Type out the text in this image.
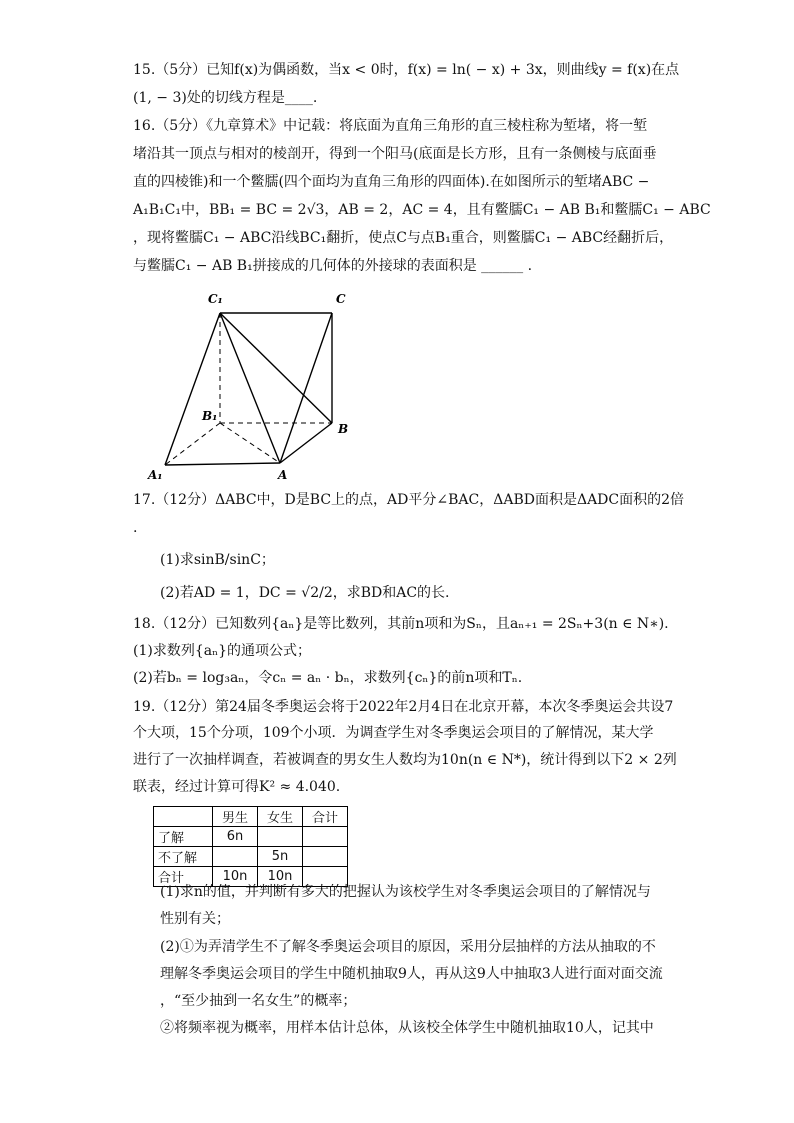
15.（5分）已知f(x)为偶函数，当x < 0时，f(x) = ln( − x) + 3x，则曲线y = f(x)在点
(1, − 3)处的切线方程是____.
16.（5分）《九章算术》中记载：将底面为直角三角形的直三棱柱称为堑堵，将一堑
堵沿其一顶点与相对的棱剖开，得到一个阳马(底面是长方形，且有一条侧棱与底面垂
直的四棱锥)和一个鳖臑(四个面均为直角三角形的四面体).在如图所示的堑堵ABC −
A₁B₁C₁中，BB₁ = BC = 2√3，AB = 2，AC = 4，且有鳖臑C₁ − AB B₁和鳖臑C₁ − ABC
，现将鳖臑C₁ − ABC沿线BC₁翻折，使点C与点B₁重合，则鳖臑C₁ − ABC经翻折后，
与鳖臑C₁ − AB B₁拼接成的几何体的外接球的表面积是 ______ .
C₁	C
B₁
B
A₁	A
17.（12分）ΔABC中，D是BC上的点，AD平分∠BAC，ΔABD面积是ΔADC面积的2倍
.
(1)求sinB/sinC；
(2)若AD = 1，DC = √2/2，求BD和AC的长.
18.（12分）已知数列{aₙ}是等比数列，其前n项和为Sₙ，且aₙ₊₁ = 2Sₙ+3(n ∈ N∗).
(1)求数列{aₙ}的通项公式；
(2)若bₙ = log₃aₙ，令cₙ = aₙ · bₙ，求数列{cₙ}的前n项和Tₙ.
19.（12分）第24届冬季奥运会将于2022年2月4日在北京开幕，本次冬季奥运会共设7
个大项，15个分项，109个小项．为调查学生对冬季奥运会项目的了解情况，某大学
进行了一次抽样调查，若被调查的男女生人数均为10n(n ∈ N*)，统计得到以下2 × 2列
联表，经过计算可得K² ≈ 4.040.
	男生	女生	合计
了解	6n		
不了解		5n	
合计	10n	10n	
(1)求n的值，并判断有多大的把握认为该校学生对冬季奥运会项目的了解情况与
性别有关；
(2)①为弄清学生不了解冬季奥运会项目的原因，采用分层抽样的方法从抽取的不
理解冬季奥运会项目的学生中随机抽取9人，再从这9人中抽取3人进行面对面交流
，“至少抽到一名女生”的概率；
②将频率视为概率，用样本估计总体，从该校全体学生中随机抽取10人，记其中
